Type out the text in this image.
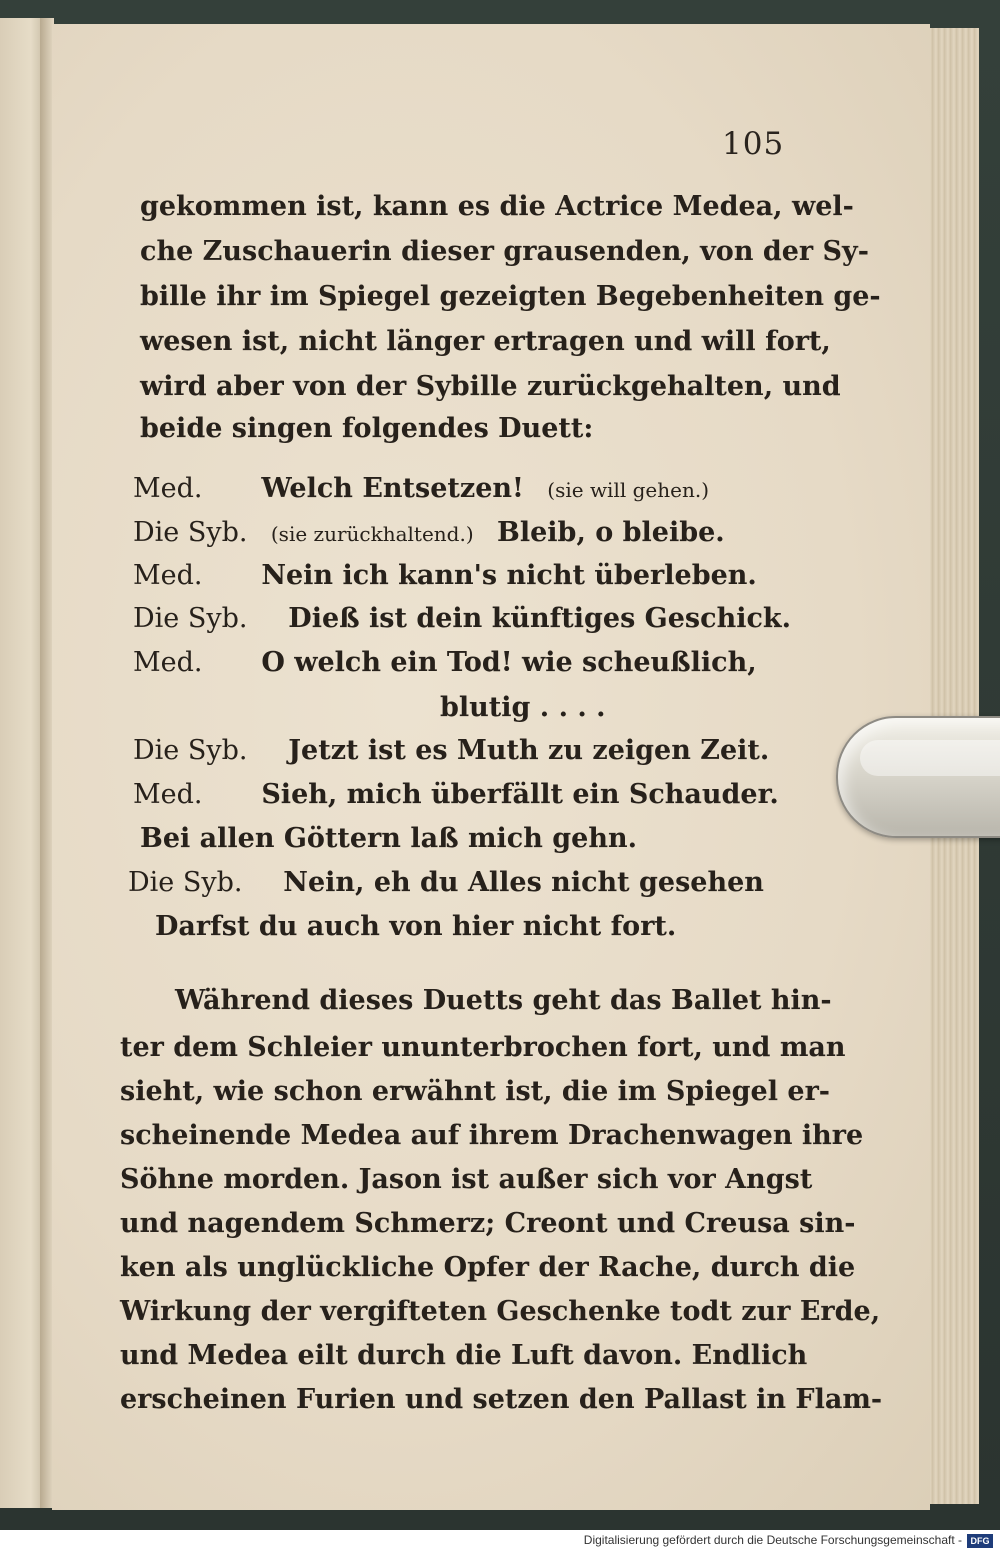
105
gekommen ist, kann es die Actrice Medea, wel-
che Zuschauerin dieser grausenden, von der Sy-
bille ihr im Spiegel gezeigten Begebenheiten ge-
wesen ist, nicht länger ertragen und will fort,
wird aber von der Sybille zurückgehalten, und
beide singen folgendes Duett:
Med. Welch Entsetzen! (sie will gehen.)
Die Syb. (sie zurückhaltend.) Bleib, o bleibe.
Med. Nein ich kann's nicht überleben.
Die Syb. Dieß ist dein künftiges Geschick.
Med. O welch ein Tod! wie scheußlich,
blutig . . . .
Die Syb. Jetzt ist es Muth zu zeigen Zeit.
Med. Sieh, mich überfällt ein Schauder.
Bei allen Göttern laß mich gehn.
Die Syb. Nein, eh du Alles nicht gesehen
Darfst du auch von hier nicht fort.
Während dieses Duetts geht das Ballet hin-
ter dem Schleier ununterbrochen fort, und man
sieht, wie schon erwähnt ist, die im Spiegel er-
scheinende Medea auf ihrem Drachenwagen ihre
Söhne morden. Jason ist außer sich vor Angst
und nagendem Schmerz; Creont und Creusa sin-
ken als unglückliche Opfer der Rache, durch die
Wirkung der vergifteten Geschenke todt zur Erde,
und Medea eilt durch die Luft davon. Endlich
erscheinen Furien und setzen den Pallast in Flam-
Digitalisierung gefördert durch die Deutsche Forschungsgemeinschaft - DFG
